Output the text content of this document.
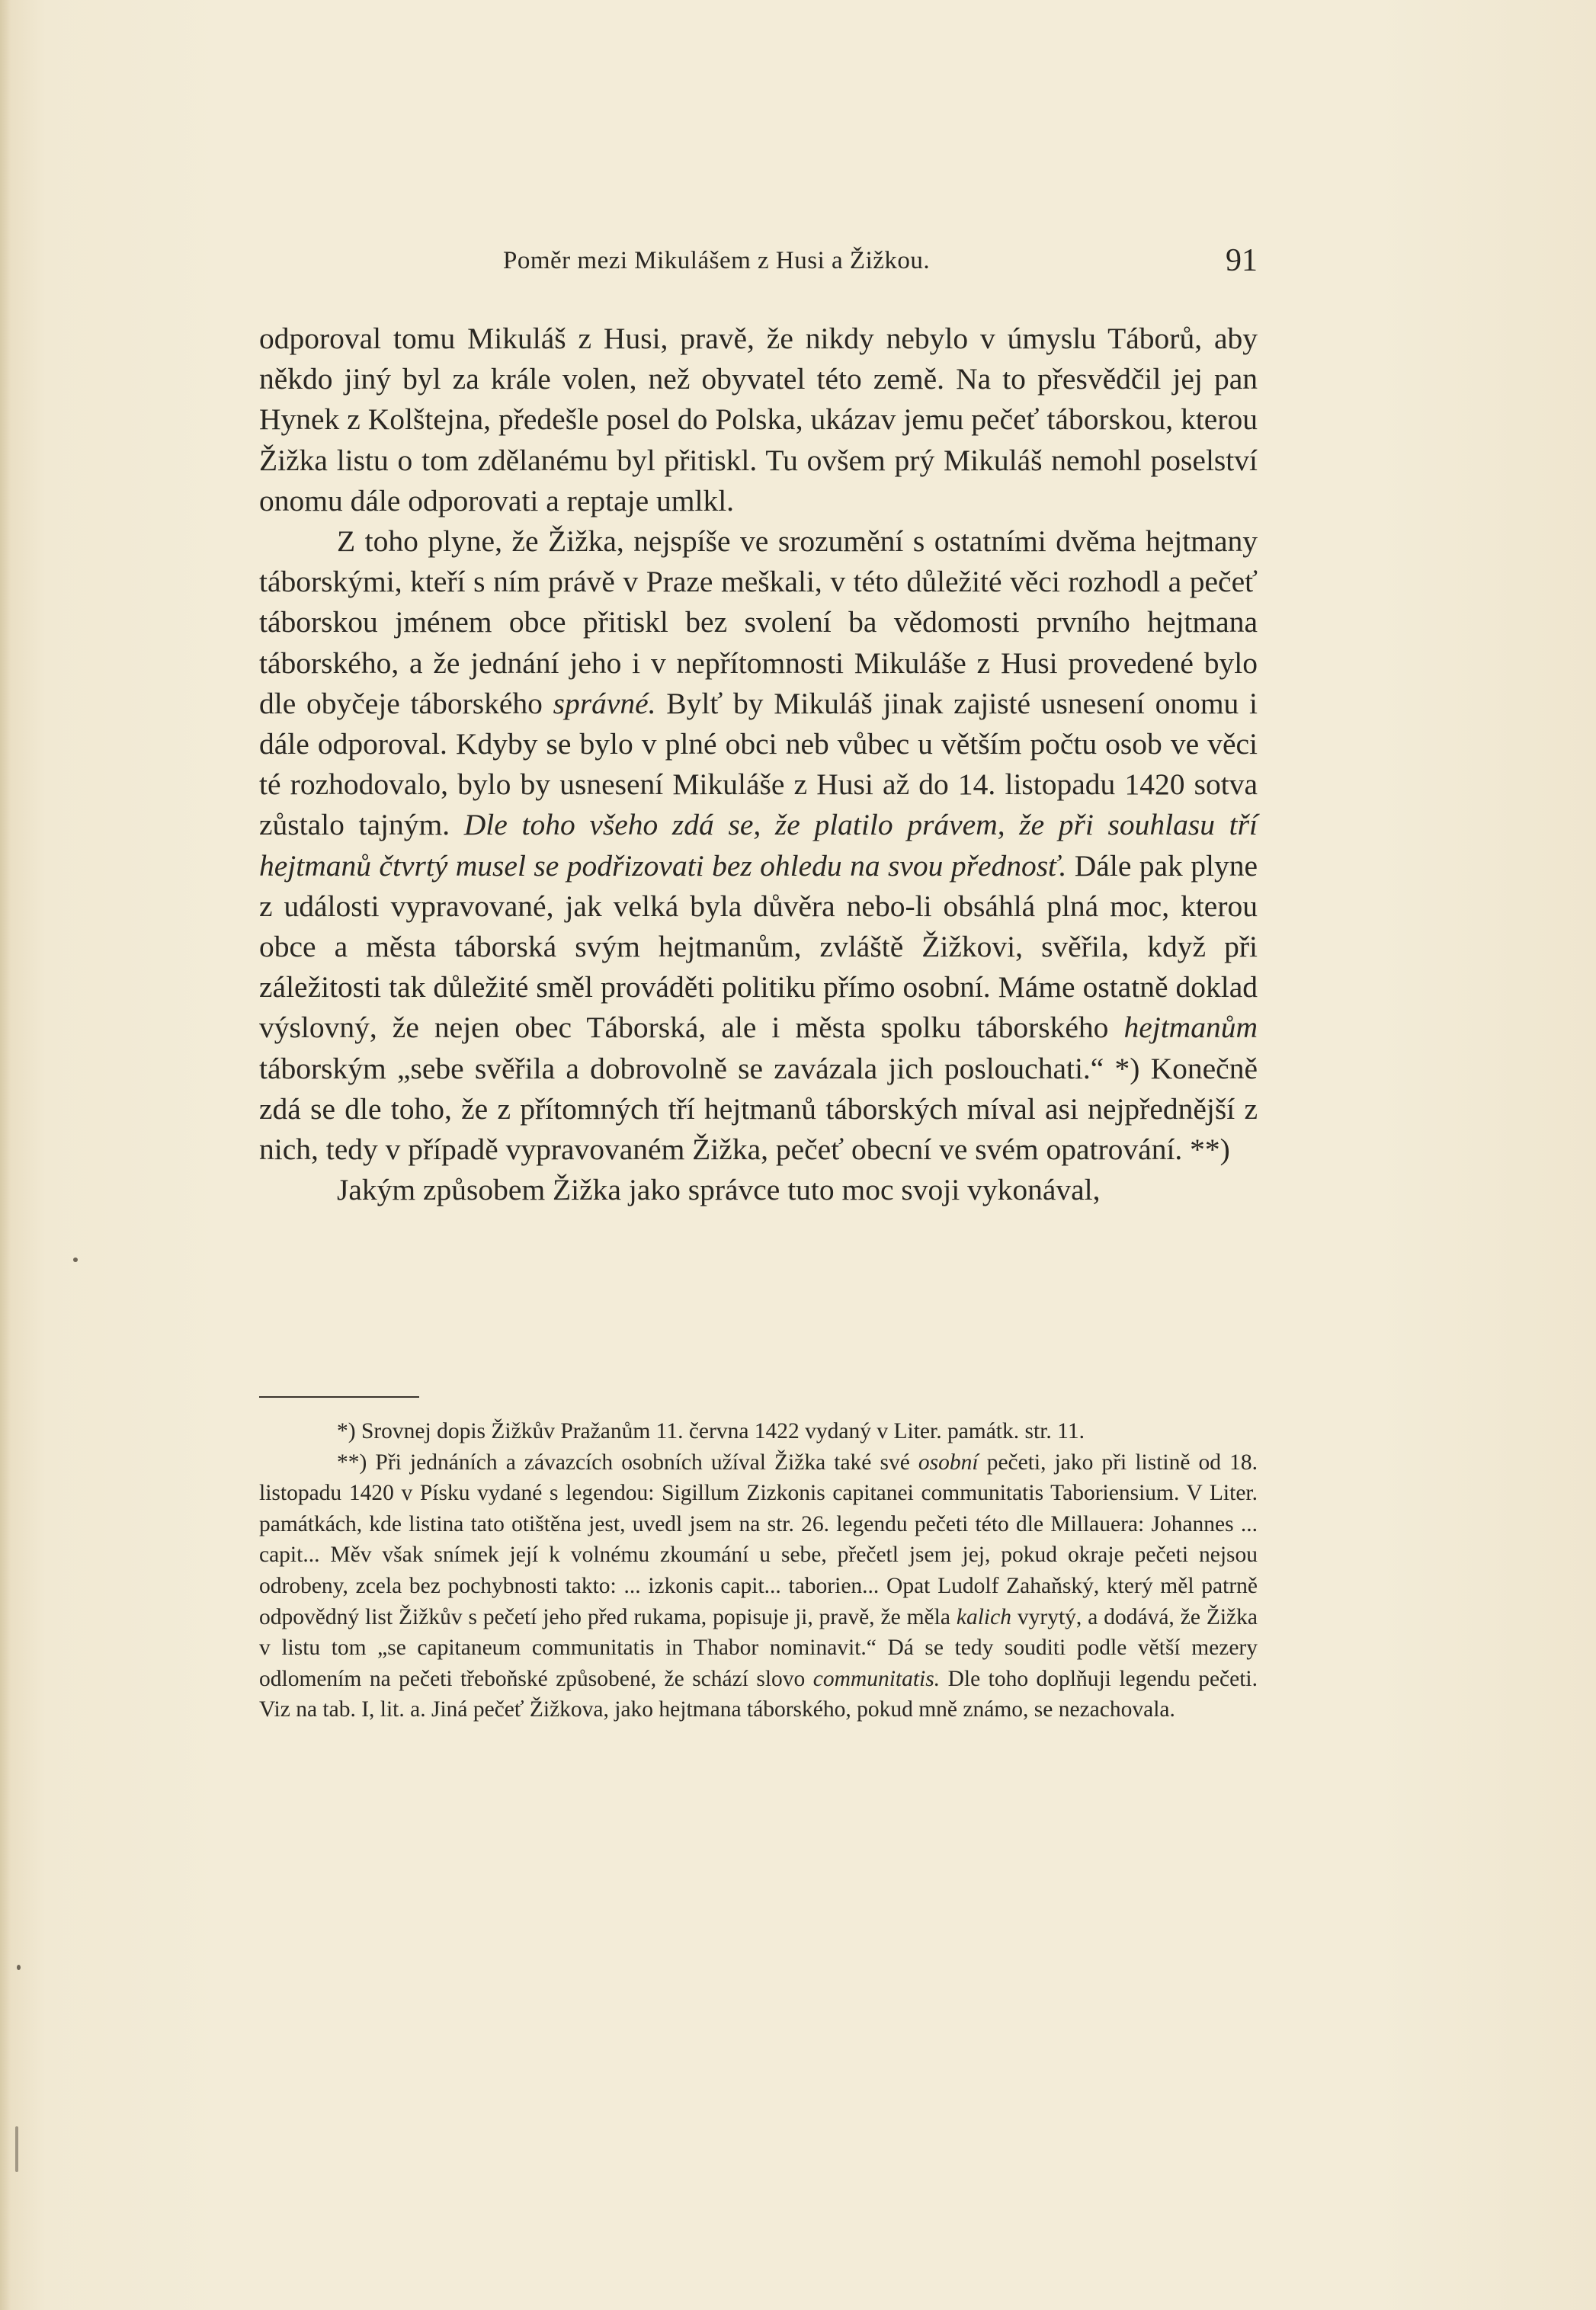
Poměr mezi Mikulášem z Husi a Žižkou.	91

odporoval tomu Mikuláš z Husi, pravě, že nikdy nebylo v úmyslu Táborů, aby někdo jiný byl za krále volen, než obyvatel této země. Na to přesvědčil jej pan Hynek z Kolštejna, předešle posel do Polska, ukázav jemu pečeť táborskou, kterou Žižka listu o tom zdělanému byl přitiskl. Tu ovšem prý Mikuláš nemohl poselství onomu dále odporovati a reptaje umlkl.

Z toho plyne, že Žižka, nejspíše ve srozumění s ostatními dvěma hejtmany táborskými, kteří s ním právě v Praze meškali, v této důležité věci rozhodl a pečeť táborskou jménem obce přitiskl bez svolení ba vědomosti prvního hejtmana táborského, a že jednání jeho i v nepřítomnosti Mikuláše z Husi provedené bylo dle obyčeje táborského správné. Bylť by Mikuláš jinak zajisté usnesení onomu i dále odporoval. Kdyby se bylo v plné obci neb vůbec u větším počtu osob ve věci té rozhodovalo, bylo by usnesení Mikuláše z Husi až do 14. listopadu 1420 sotva zůstalo tajným. Dle toho všeho zdá se, že platilo právem, že při souhlasu tří hejtmanů čtvrtý musel se podřizovati bez ohledu na svou přednosť. Dále pak plyne z události vypravované, jak velká byla důvěra nebo-li obsáhlá plná moc, kterou obce a města táborská svým hejtmanům, zvláště Žižkovi, svěřila, když při záležitosti tak důležité směl prováděti politiku přímo osobní. Máme ostatně doklad výslovný, že nejen obec Táborská, ale i města spolku táborského hejtmanům táborským „sebe svěřila a dobrovolně se zavázala jich poslouchati.“ *) Konečně zdá se dle toho, že z přítomných tří hejtmanů táborských míval asi nejpřednější z nich, tedy v případě vypravovaném Žižka, pečeť obecní ve svém opatrování. **)

Jakým způsobem Žižka jako správce tuto moc svoji vykonával,

*) Srovnej dopis Žižkův Pražanům 11. června 1422 vydaný v Liter. památk. str. 11.

**) Při jednáních a závazcích osobních užíval Žižka také své osobní pečeti, jako při listině od 18. listopadu 1420 v Písku vydané s legendou: Sigillum Zizkonis capitanei communitatis Taboriensium. V Liter. památkách, kde listina tato otištěna jest, uvedl jsem na str. 26. legendu pečeti této dle Millauera: Johannes ... capit... Měv však snímek její k volnému zkoumání u sebe, přečetl jsem jej, pokud okraje pečeti nejsou odrobeny, zcela bez pochybnosti takto: ... izkonis capit... taborien... Opat Ludolf Zahaňský, který měl patrně odpovědný list Žižkův s pečetí jeho před rukama, popisuje ji, pravě, že měla kalich vyrytý, a dodává, že Žižka v listu tom „se capitaneum communitatis in Thabor nominavit.“ Dá se tedy souditi podle větší mezery odlomením na pečeti třeboňské způsobené, že schází slovo communitatis. Dle toho doplňuji legendu pečeti. Viz na tab. I, lit. a. Jiná pečeť Žižkova, jako hejtmana táborského, pokud mně známo, se nezachovala.
